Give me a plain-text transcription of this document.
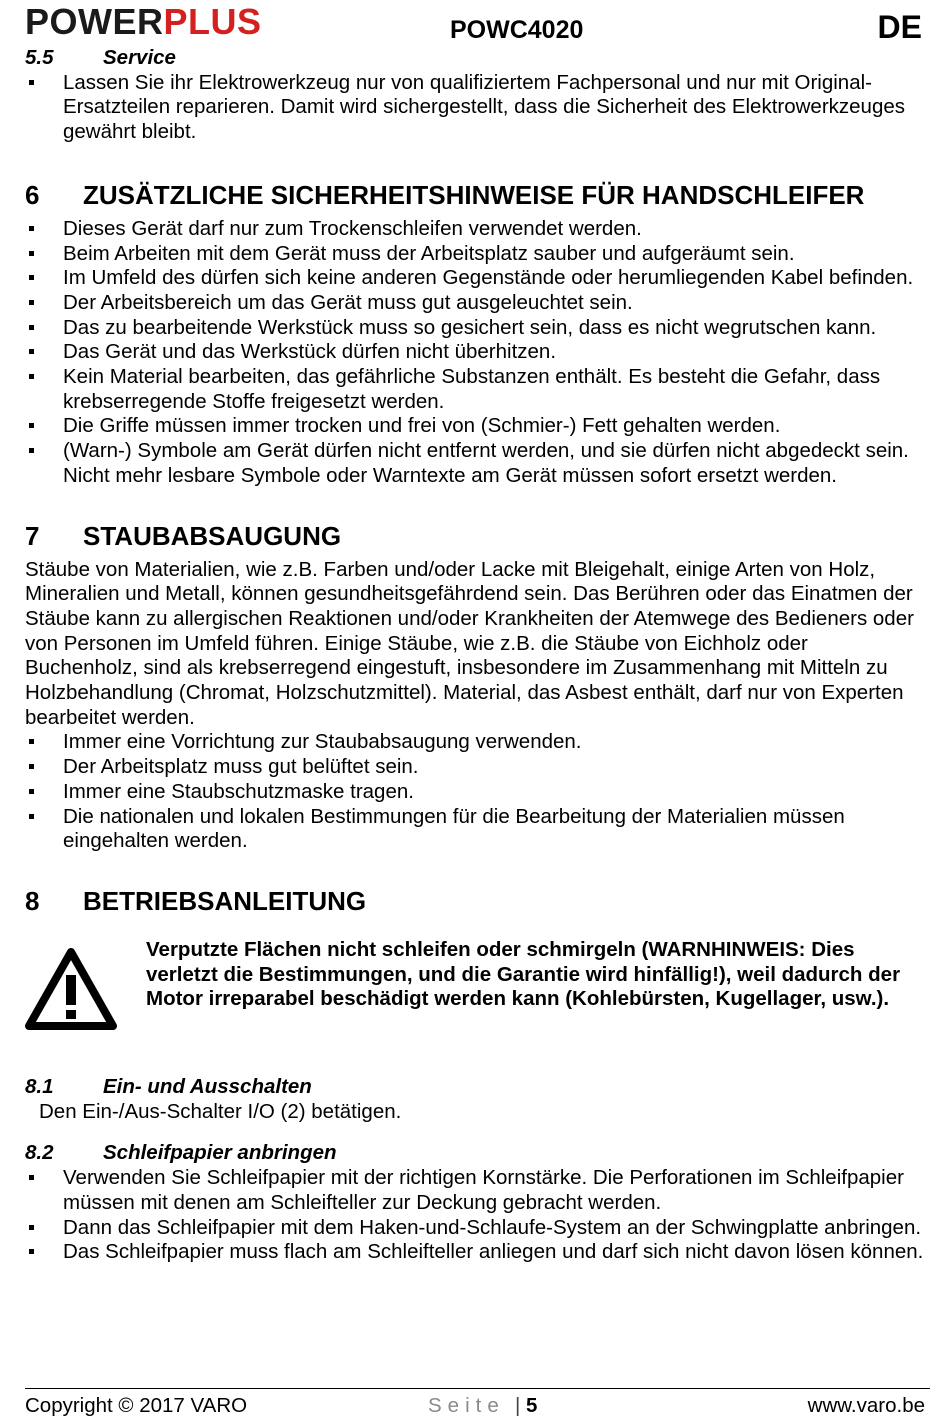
POWERPLUS	POWC4020	DE
5.5 Service
Lassen Sie ihr Elektrowerkzeug nur von qualifiziertem Fachpersonal und nur mit Original-Ersatzteilen reparieren. Damit wird sichergestellt, dass die Sicherheit des Elektrowerkzeuges gewährt bleibt.
6 ZUSÄTZLICHE SICHERHEITSHINWEISE FÜR HANDSCHLEIFER
Dieses Gerät darf nur zum Trockenschleifen verwendet werden.
Beim Arbeiten mit dem Gerät muss der Arbeitsplatz sauber und aufgeräumt sein.
Im Umfeld des dürfen sich keine anderen Gegenstände oder herumliegenden Kabel befinden.
Der Arbeitsbereich um das Gerät muss gut ausgeleuchtet sein.
Das zu bearbeitende Werkstück muss so gesichert sein, dass es nicht wegrutschen kann.
Das Gerät und das Werkstück dürfen nicht überhitzen.
Kein Material bearbeiten, das gefährliche Substanzen enthält. Es besteht die Gefahr, dass krebserregende Stoffe freigesetzt werden.
Die Griffe müssen immer trocken und frei von (Schmier-) Fett gehalten werden.
(Warn-) Symbole am Gerät dürfen nicht entfernt werden, und sie dürfen nicht abgedeckt sein. Nicht mehr lesbare Symbole oder Warntexte am Gerät müssen sofort ersetzt werden.
7 STAUBABSAUGUNG

Stäube von Materialien, wie z.B. Farben und/oder Lacke mit Bleigehalt, einige Arten von Holz, Mineralien und Metall, können gesundheitsgefährdend sein. Das Berühren oder das Einatmen der Stäube kann zu allergischen Reaktionen und/oder Krankheiten der Atemwege des Bedieners oder von Personen im Umfeld führen. Einige Stäube, wie z.B. die Stäube von Eichholz oder Buchenholz, sind als krebserregend eingestuft, insbesondere im Zusammenhang mit Mitteln zu Holzbehandlung (Chromat, Holzschutzmittel). Material, das Asbest enthält, darf nur von Experten bearbeitet werden.

Immer eine Vorrichtung zur Staubabsaugung verwenden.
Der Arbeitsplatz muss gut belüftet sein.
Immer eine Staubschutzmaske tragen.
Die nationalen und lokalen Bestimmungen für die Bearbeitung der Materialien müssen eingehalten werden.
8 BETRIEBSANLEITUNG
Verputzte Flächen nicht schleifen oder schmirgeln (WARNHINWEIS: Dies verletzt die Bestimmungen, und die Garantie wird hinfällig!), weil dadurch der Motor irreparabel beschädigt werden kann (Kohlebürsten, Kugellager, usw.).
8.1 Ein- und Ausschalten
Den Ein-/Aus-Schalter I/O (2) betätigen.
8.2 Schleifpapier anbringen
Verwenden Sie Schleifpapier mit der richtigen Kornstärke. Die Perforationen im Schleifpapier müssen mit denen am Schleifteller zur Deckung gebracht werden.
Dann das Schleifpapier mit dem Haken-und-Schlaufe-System an der Schwingplatte anbringen.
Das Schleifpapier muss flach am Schleifteller anliegen und darf sich nicht davon lösen können.
Copyright © 2017 VARO	Seite | 5	www.varo.be
